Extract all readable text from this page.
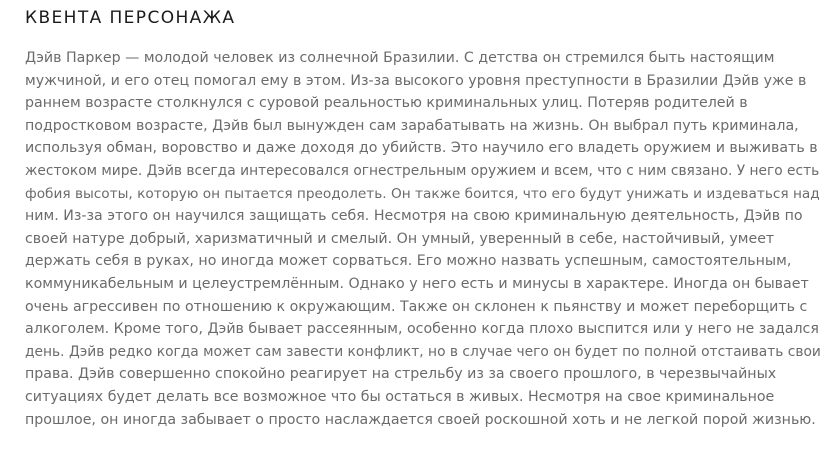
КВЕНТА ПЕРСОНАЖА

Дэйв Паркер — молодой человек из солнечной Бразилии. С детства он стремился быть настоящим
мужчиной, и его отец помогал ему в этом. Из-за высокого уровня преступности в Бразилии Дэйв уже в
раннем возрасте столкнулся с суровой реальностью криминальных улиц. Потеряв родителей в
подростковом возрасте, Дэйв был вынужден сам зарабатывать на жизнь. Он выбрал путь криминала,
используя обман, воровство и даже доходя до убийств. Это научило его владеть оружием и выживать в
жестоком мире. Дэйв всегда интересовался огнестрельным оружием и всем, что с ним связано. У него есть
фобия высоты, которую он пытается преодолеть. Он также боится, что его будут унижать и издеваться над
ним. Из-за этого он научился защищать себя. Несмотря на свою криминальную деятельность, Дэйв по
своей натуре добрый, харизматичный и смелый. Он умный, уверенный в себе, настойчивый, умеет
держать себя в руках, но иногда может сорваться. Его можно назвать успешным, самостоятельным,
коммуникабельным и целеустремлённым. Однако у него есть и минусы в характере. Иногда он бывает
очень агрессивен по отношению к окружающим. Также он склонен к пьянству и может переборщить с
алкоголем. Кроме того, Дэйв бывает рассеянным, особенно когда плохо выспится или у него не задался
день. Дэйв редко когда может сам завести конфликт, но в случае чего он будет по полной отстаивать свои
права. Дэйв совершенно спокойно реагирует на стрельбу из за своего прошлого, в черезвычайных
ситуациях будет делать все возможное что бы остаться в живых. Несмотря на свое криминальное
прошлое, он иногда забывает о просто наслаждается своей роскошной хоть и не легкой порой жизнью.
